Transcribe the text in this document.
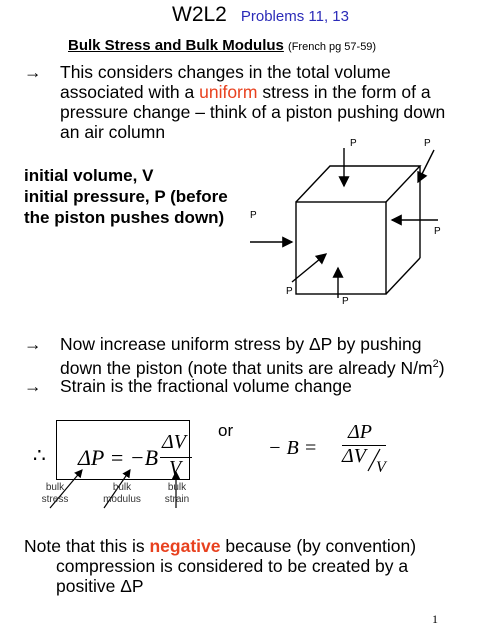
W2L2 Problems 11, 13
Bulk Stress and Bulk Modulus (French pg 57-59)
→ This considers changes in the total volume associated with a uniform stress in the form of a pressure change – think of a piston pushing down an air column
initial volume, V
initial pressure, P (before
the piston pushes down)
P	P
P
P
P
P
→ Now increase uniform stress by ΔP by pushing down the piston (note that units are already $N/m^2$)
→ Strain is the fractional volume change
∴ ΔP = −B
ΔV
V
or
− B =
ΔP
ΔV
V
bulk
stress
bulk
modulus
bulk
strain
Note that this is negative because (by convention)
compression is considered to be created by a
positive ΔP
1
